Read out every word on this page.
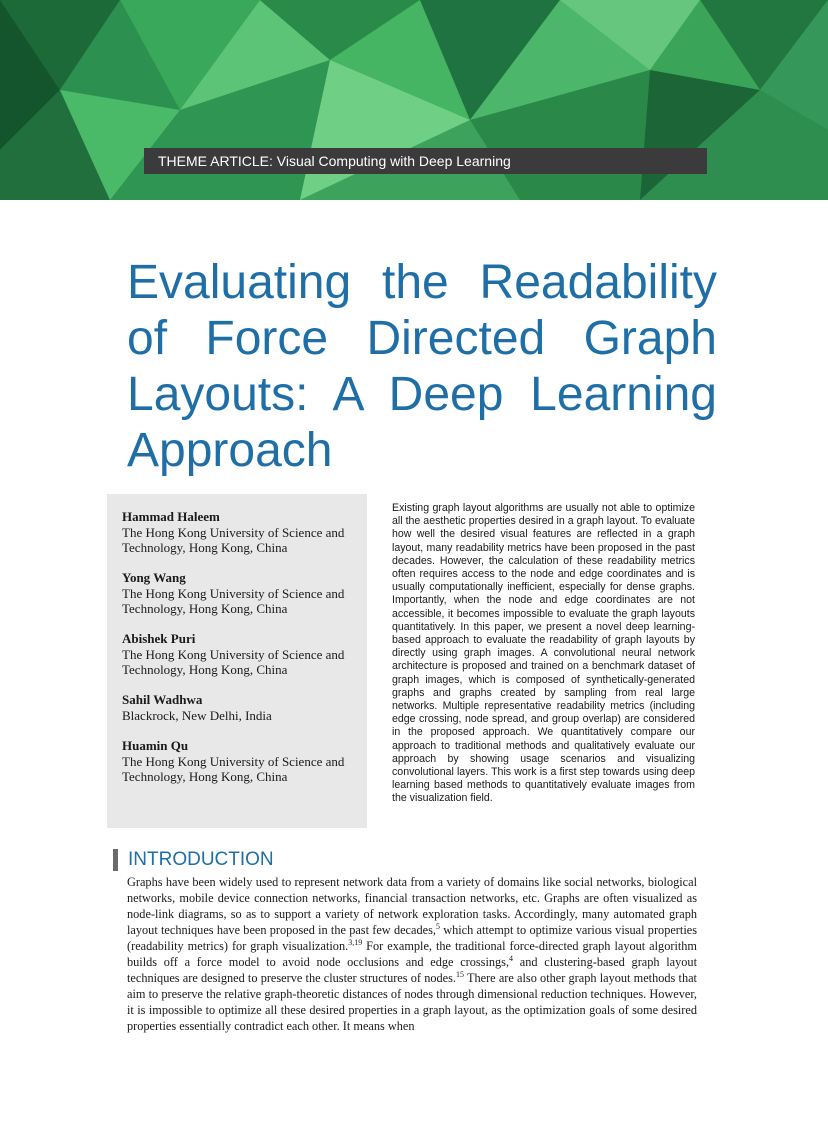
THEME ARTICLE: Visual Computing with Deep Learning
Evaluating the Readability of Force Directed Graph Layouts: A Deep Learning Approach
Hammad Haleem
The Hong Kong University of Science and Technology, Hong Kong, China
Yong Wang
The Hong Kong University of Science and Technology, Hong Kong, China
Abishek Puri
The Hong Kong University of Science and Technology, Hong Kong, China
Sahil Wadhwa
Blackrock, New Delhi, India
Huamin Qu
The Hong Kong University of Science and Technology, Hong Kong, China

Existing graph layout algorithms are usually not able to optimize all the aesthetic properties desired in a graph layout. To evaluate how well the desired visual features are reflected in a graph layout, many readability metrics have been proposed in the past decades. However, the calculation of these readability metrics often requires access to the node and edge coordinates and is usually computationally inefficient, especially for dense graphs. Importantly, when the node and edge coordinates are not accessible, it becomes impossible to evaluate the graph layouts quantitatively. In this paper, we present a novel deep learning-based approach to evaluate the readability of graph layouts by directly using graph images. A convolutional neural network architecture is proposed and trained on a benchmark dataset of graph images, which is composed of synthetically-generated graphs and graphs created by sampling from real large networks. Multiple representative readability metrics (including edge crossing, node spread, and group overlap) are considered in the proposed approach. We quantitatively compare our approach to traditional methods and qualitatively evaluate our approach by showing usage scenarios and visualizing convolutional layers. This work is a first step towards using deep learning based methods to quantitatively evaluate images from the visualization field.

INTRODUCTION

Graphs have been widely used to represent network data from a variety of domains like social networks, biological networks, mobile device connection networks, financial transaction networks, etc. Graphs are often visualized as node-link diagrams, so as to support a variety of network exploration tasks. Accordingly, many automated graph layout techniques have been proposed in the past few decades,$^5$ which attempt to optimize various visual properties (readability metrics) for graph visualization.$^{3,19}$ For example, the traditional force-directed graph layout algorithm builds off a force model to avoid node occlusions and edge crossings,$^4$ and clustering-based graph layout techniques are designed to preserve the cluster structures of nodes.$^{15}$ There are also other graph layout methods that aim to preserve the relative graph-theoretic distances of nodes through dimensional reduction techniques. However, it is impossible to optimize all these desired properties in a graph layout, as the optimization goals of some desired properties essentially contradict each other. It means when
